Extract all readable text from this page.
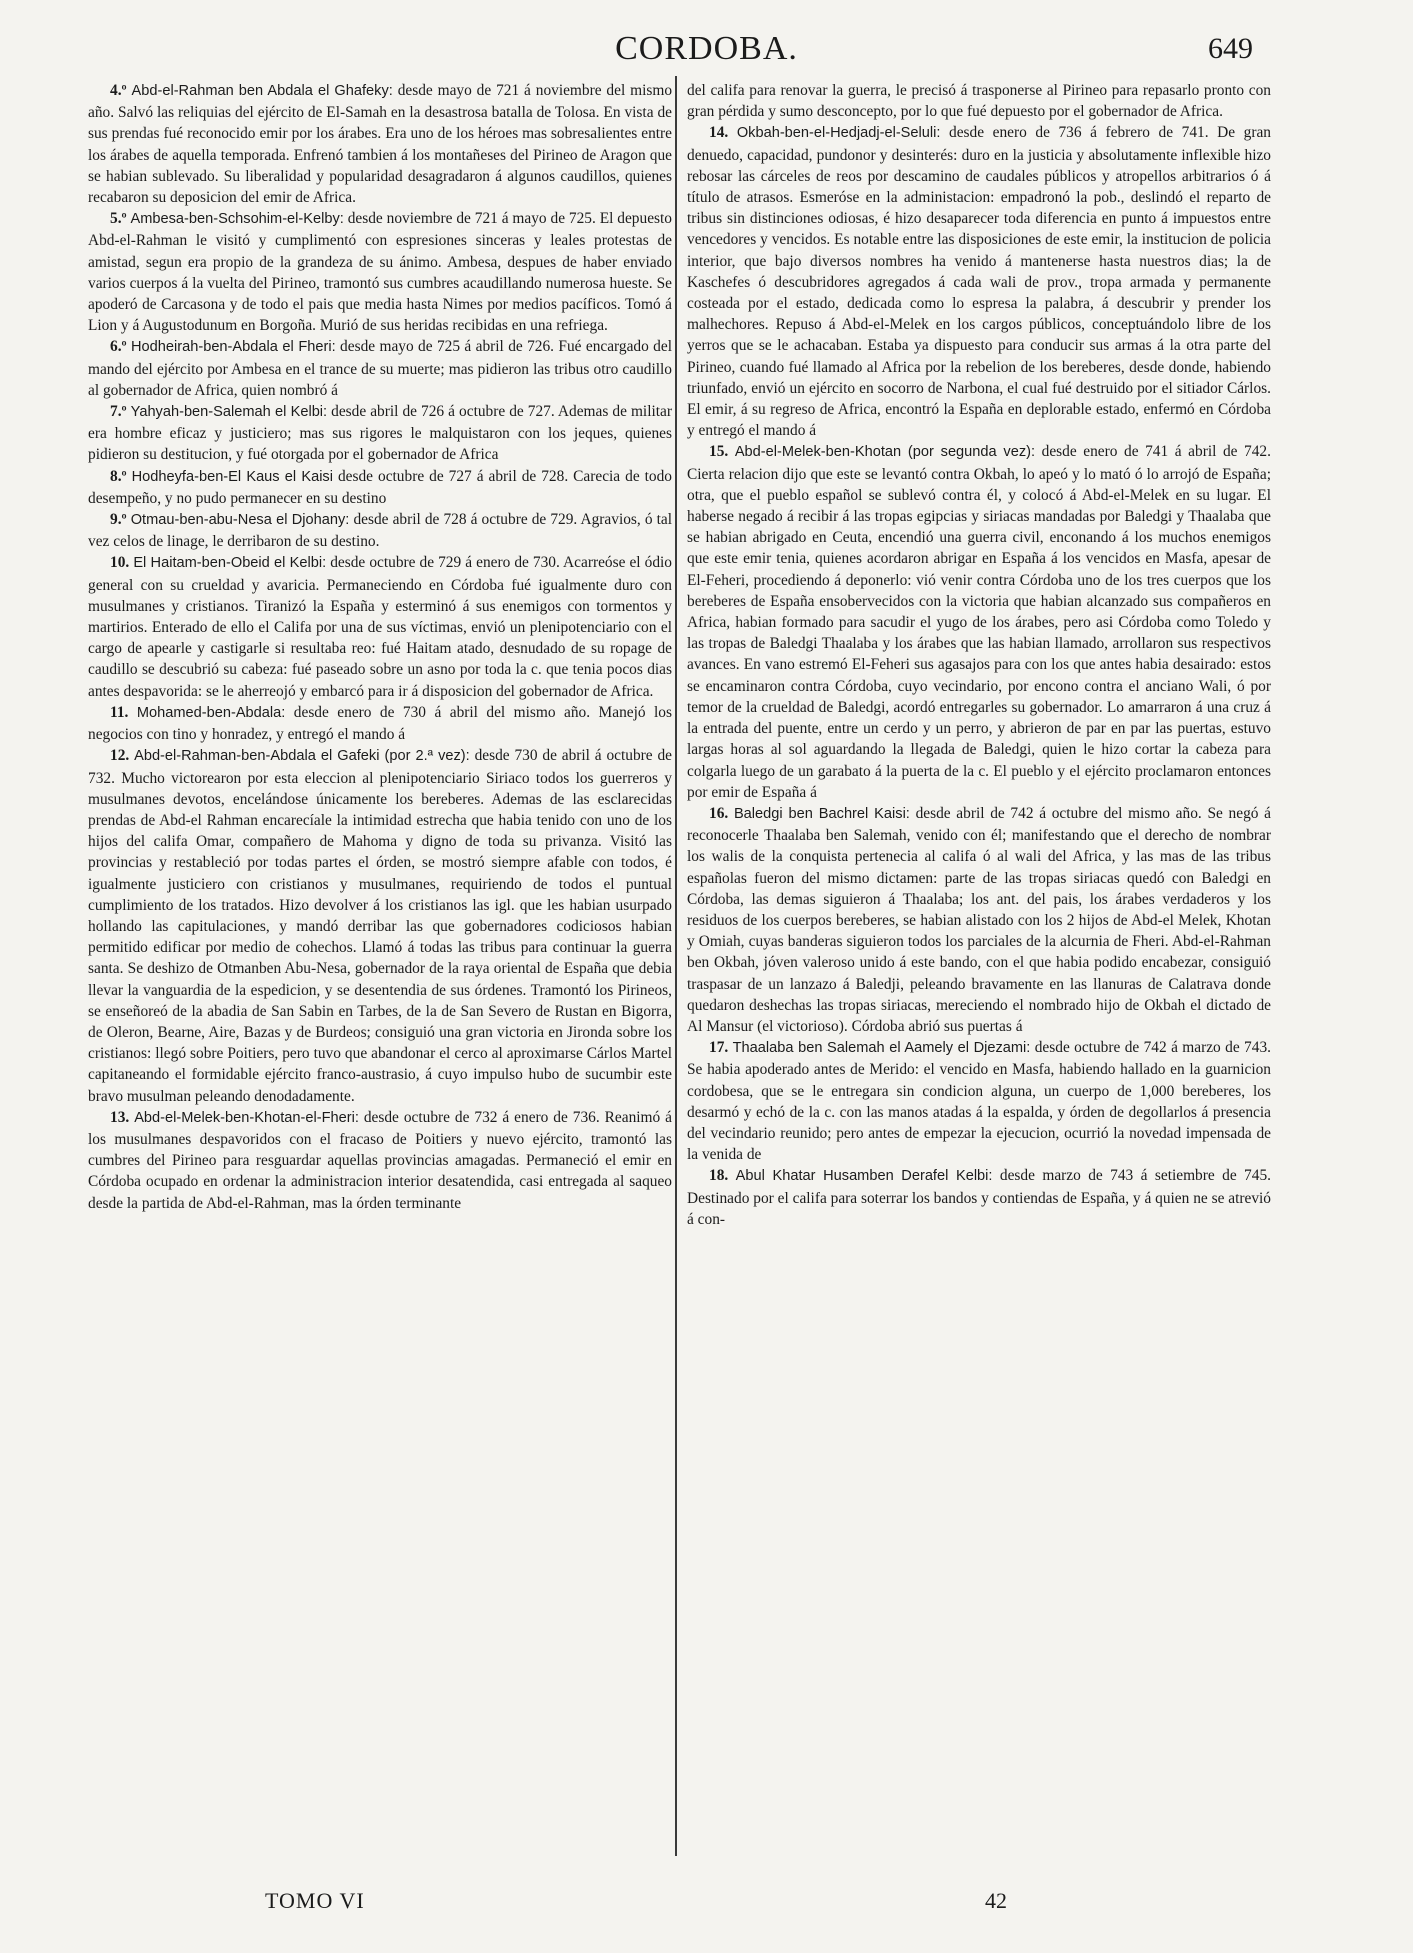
CORDOBA.	649

4.º Abd-el-Rahman ben Abdala el Ghafeky: desde mayo de 721 á noviembre del mismo año. Salvó las reliquias del ejército de El-Samah en la desastrosa batalla de Tolosa. En vista de sus prendas fué reconocido emir por los árabes. Era uno de los héroes mas sobresalientes entre los árabes de aquella temporada. Enfrenó tambien á los montañeses del Pirineo de Aragon que se habian sublevado. Su liberalidad y popularidad desagradaron á algunos caudillos, quienes recabaron su deposicion del emir de Africa.

5.º Ambesa-ben-Schsohim-el-Kelby: desde noviembre de 721 á mayo de 725. El depuesto Abd-el-Rahman le visitó y cumplimentó con espresiones sinceras y leales protestas de amistad, segun era propio de la grandeza de su ánimo. Ambesa, despues de haber enviado varios cuerpos á la vuelta del Pirineo, tramontó sus cumbres acaudillando numerosa hueste. Se apoderó de Carcasona y de todo el pais que media hasta Nimes por medios pacíficos. Tomó á Lion y á Augustodunum en Borgoña. Murió de sus heridas recibidas en una refriega.

6.º Hodheirah-ben-Abdala el Fheri: desde mayo de 725 á abril de 726. Fué encargado del mando del ejército por Ambesa en el trance de su muerte; mas pidieron las tribus otro caudillo al gobernador de Africa, quien nombró á

7.º Yahyah-ben-Salemah el Kelbi: desde abril de 726 á octubre de 727. Ademas de militar era hombre eficaz y justiciero; mas sus rigores le malquistaron con los jeques, quienes pidieron su destitucion, y fué otorgada por el gobernador de Africa

8.º Hodheyfa-ben-El Kaus el Kaisi desde octubre de 727 á abril de 728. Carecia de todo desempeño, y no pudo permanecer en su destino

9.º Otmau-ben-abu-Nesa el Djohany: desde abril de 728 á octubre de 729. Agravios, ó tal vez celos de linage, le derribaron de su destino.

10. El Haitam-ben-Obeid el Kelbi: desde octubre de 729 á enero de 730. Acarreóse el ódio general con su crueldad y avaricia. Permaneciendo en Córdoba fué igualmente duro con musulmanes y cristianos. Tiranizó la España y esterminó á sus enemigos con tormentos y martirios. Enterado de ello el Califa por una de sus víctimas, envió un plenipotenciario con el cargo de apearle y castigarle si resultaba reo: fué Haitam atado, desnudado de su ropage de caudillo se descubrió su cabeza: fué paseado sobre un asno por toda la c. que tenia pocos dias antes despavorida: se le aherreojó y embarcó para ir á disposicion del gobernador de Africa.

11. Mohamed-ben-Abdala: desde enero de 730 á abril del mismo año. Manejó los negocios con tino y honradez, y entregó el mando á

12. Abd-el-Rahman-ben-Abdala el Gafeki (por 2.ª vez): desde 730 de abril á octubre de 732. Mucho victorearon por esta eleccion al plenipotenciario Siriaco todos los guerreros y musulmanes devotos, encelándose únicamente los bereberes. Ademas de las esclarecidas prendas de Abd-el Rahman encarecíale la intimidad estrecha que habia tenido con uno de los hijos del califa Omar, compañero de Mahoma y digno de toda su privanza. Visitó las provincias y restableció por todas partes el órden, se mostró siempre afable con todos, é igualmente justiciero con cristianos y musulmanes, requiriendo de todos el puntual cumplimiento de los tratados. Hizo devolver á los cristianos las igl. que les habian usurpado hollando las capitulaciones, y mandó derribar las que gobernadores codiciosos habian permitido edificar por medio de cohechos. Llamó á todas las tribus para continuar la guerra santa. Se deshizo de Otmanben Abu-Nesa, gobernador de la raya oriental de España que debia llevar la vanguardia de la espedicion, y se desentendia de sus órdenes. Tramontó los Pirineos, se enseñoreó de la abadia de San Sabin en Tarbes, de la de San Severo de Rustan en Bigorra, de Oleron, Bearne, Aire, Bazas y de Burdeos; consiguió una gran victoria en Jironda sobre los cristianos: llegó sobre Poitiers, pero tuvo que abandonar el cerco al aproximarse Cárlos Martel capitaneando el formidable ejército franco-austrasio, á cuyo impulso hubo de sucumbir este bravo musulman peleando denodadamente.

13. Abd-el-Melek-ben-Khotan-el-Fheri: desde octubre de 732 á enero de 736. Reanimó á los musulmanes despavoridos con el fracaso de Poitiers y nuevo ejército, tramontó las cumbres del Pirineo para resguardar aquellas provincias amagadas. Permaneció el emir en Córdoba ocupado en ordenar la administracion interior desatendida, casi entregada al saqueo desde la partida de Abd-el-Rahman, mas la órden terminante

del califa para renovar la guerra, le precisó á trasponerse al Pirineo para repasarlo pronto con gran pérdida y sumo desconcepto, por lo que fué depuesto por el gobernador de Africa.

14. Okbah-ben-el-Hedjadj-el-Seluli: desde enero de 736 á febrero de 741. De gran denuedo, capacidad, pundonor y desinterés: duro en la justicia y absolutamente inflexible hizo rebosar las cárceles de reos por descamino de caudales públicos y atropellos arbitrarios ó á título de atrasos. Esmeróse en la administacion: empadronó la pob., deslindó el reparto de tribus sin distinciones odiosas, é hizo desaparecer toda diferencia en punto á impuestos entre vencedores y vencidos. Es notable entre las disposiciones de este emir, la institucion de policia interior, que bajo diversos nombres ha venido á mantenerse hasta nuestros dias; la de Kaschefes ó descubridores agregados á cada wali de prov., tropa armada y permanente costeada por el estado, dedicada como lo espresa la palabra, á descubrir y prender los malhechores. Repuso á Abd-el-Melek en los cargos públicos, conceptuándolo libre de los yerros que se le achacaban. Estaba ya dispuesto para conducir sus armas á la otra parte del Pirineo, cuando fué llamado al Africa por la rebelion de los bereberes, desde donde, habiendo triunfado, envió un ejército en socorro de Narbona, el cual fué destruido por el sitiador Cárlos. El emir, á su regreso de Africa, encontró la España en deplorable estado, enfermó en Córdoba y entregó el mando á

15. Abd-el-Melek-ben-Khotan (por segunda vez): desde enero de 741 á abril de 742. Cierta relacion dijo que este se levantó contra Okbah, lo apeó y lo mató ó lo arrojó de España; otra, que el pueblo español se sublevó contra él, y colocó á Abd-el-Melek en su lugar. El haberse negado á recibir á las tropas egipcias y siriacas mandadas por Baledgi y Thaalaba que se habian abrigado en Ceuta, encendió una guerra civil, enconando á los muchos enemigos que este emir tenia, quienes acordaron abrigar en España á los vencidos en Masfa, apesar de El-Feheri, procediendo á deponerlo: vió venir contra Córdoba uno de los tres cuerpos que los bereberes de España ensobervecidos con la victoria que habian alcanzado sus compañeros en Africa, habian formado para sacudir el yugo de los árabes, pero asi Córdoba como Toledo y las tropas de Baledgi Thaalaba y los árabes que las habian llamado, arrollaron sus respectivos avances. En vano estremó El-Feheri sus agasajos para con los que antes habia desairado: estos se encaminaron contra Córdoba, cuyo vecindario, por encono contra el anciano Wali, ó por temor de la crueldad de Baledgi, acordó entregarles su gobernador. Lo amarraron á una cruz á la entrada del puente, entre un cerdo y un perro, y abrieron de par en par las puertas, estuvo largas horas al sol aguardando la llegada de Baledgi, quien le hizo cortar la cabeza para colgarla luego de un garabato á la puerta de la c. El pueblo y el ejército proclamaron entonces por emir de España á

16. Baledgi ben Bachrel Kaisi: desde abril de 742 á octubre del mismo año. Se negó á reconocerle Thaalaba ben Salemah, venido con él; manifestando que el derecho de nombrar los walis de la conquista pertenecia al califa ó al wali del Africa, y las mas de las tribus españolas fueron del mismo dictamen: parte de las tropas siriacas quedó con Baledgi en Córdoba, las demas siguieron á Thaalaba; los ant. del pais, los árabes verdaderos y los residuos de los cuerpos bereberes, se habian alistado con los 2 hijos de Abd-el Melek, Khotan y Omiah, cuyas banderas siguieron todos los parciales de la alcurnia de Fheri. Abd-el-Rahman ben Okbah, jóven valeroso unido á este bando, con el que habia podido encabezar, consiguió traspasar de un lanzazo á Baledji, peleando bravamente en las llanuras de Calatrava donde quedaron deshechas las tropas siriacas, mereciendo el nombrado hijo de Okbah el dictado de Al Mansur (el victorioso). Córdoba abrió sus puertas á

17. Thaalaba ben Salemah el Aamely el Djezami: desde octubre de 742 á marzo de 743. Se habia apoderado antes de Merido: el vencido en Masfa, habiendo hallado en la guarnicion cordobesa, que se le entregara sin condicion alguna, un cuerpo de 1,000 bereberes, los desarmó y echó de la c. con las manos atadas á la espalda, y órden de degollarlos á presencia del vecindario reunido; pero antes de empezar la ejecucion, ocurrió la novedad impensada de la venida de

18. Abul Khatar Husamben Derafel Kelbi: desde marzo de 743 á setiembre de 745. Destinado por el califa para soterrar los bandos y contiendas de España, y á quien ne se atrevió á con-

TOMO VI	42
